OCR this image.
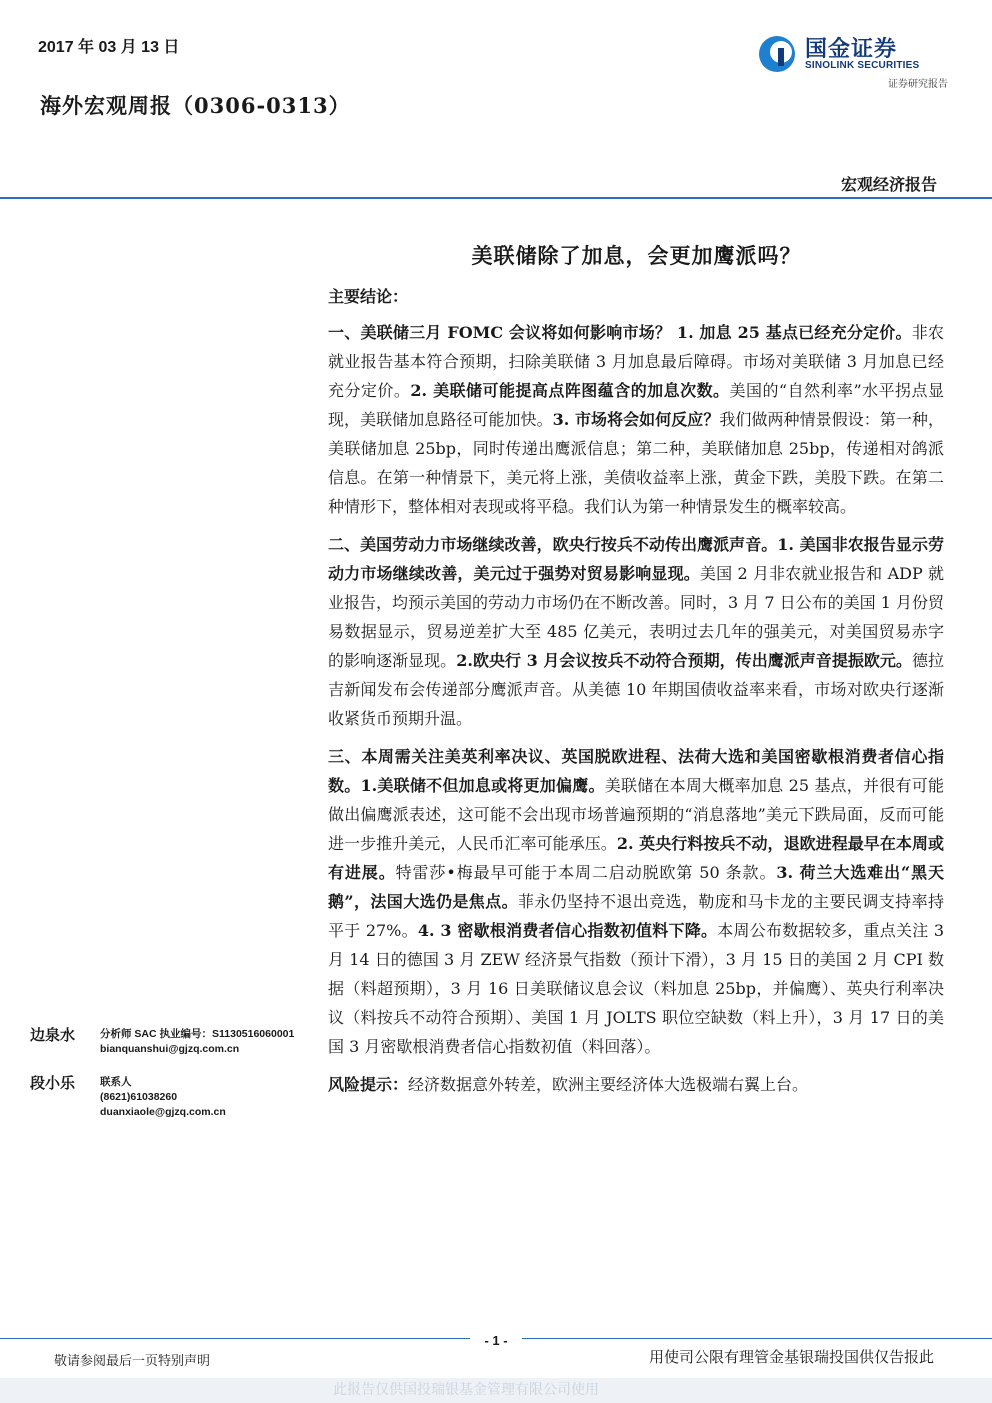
2017 年 03 月 13 日
海外宏观周报（0306-0313）
国金证券
SINOLINK SECURITIES
证券研究报告
宏观经济报告
美联储除了加息，会更加鹰派吗？
主要结论：

一、美联储三月 FOMC 会议将如何影响市场？ 1. 加息 25 基点已经充分定价。非农就业报告基本符合预期，扫除美联储 3 月加息最后障碍。市场对美联储 3 月加息已经充分定价。2. 美联储可能提高点阵图蕴含的加息次数。美国的“自然利率”水平拐点显现，美联储加息路径可能加快。3. 市场将会如何反应？我们做两种情景假设：第一种，美联储加息 25bp，同时传递出鹰派信息；第二种，美联储加息 25bp，传递相对鸽派信息。在第一种情景下，美元将上涨，美债收益率上涨，黄金下跌，美股下跌。在第二种情形下，整体相对表现或将平稳。我们认为第一种情景发生的概率较高。

二、美国劳动力市场继续改善，欧央行按兵不动传出鹰派声音。1. 美国非农报告显示劳动力市场继续改善，美元过于强势对贸易影响显现。美国 2 月非农就业报告和 ADP 就业报告，均预示美国的劳动力市场仍在不断改善。同时，3 月 7 日公布的美国 1 月份贸易数据显示，贸易逆差扩大至 485 亿美元，表明过去几年的强美元，对美国贸易赤字的影响逐渐显现。2.欧央行 3 月会议按兵不动符合预期，传出鹰派声音提振欧元。德拉吉新闻发布会传递部分鹰派声音。从美德 10 年期国债收益率来看，市场对欧央行逐渐收紧货币预期升温。

三、本周需关注美英利率决议、英国脱欧进程、法荷大选和美国密歇根消费者信心指数。1.美联储不但加息或将更加偏鹰。美联储在本周大概率加息 25 基点，并很有可能做出偏鹰派表述，这可能不会出现市场普遍预期的“消息落地”美元下跌局面，反而可能进一步推升美元，人民币汇率可能承压。2. 英央行料按兵不动，退欧进程最早在本周或有进展。特雷莎•梅最早可能于本周二启动脱欧第 50 条款。3. 荷兰大选难出“黑天鹅”，法国大选仍是焦点。菲永仍坚持不退出竞选，勒庞和马卡龙的主要民调支持率持平于 27%。4. 3 密歇根消费者信心指数初值料下降。本周公布数据较多，重点关注 3 月 14 日的德国 3 月 ZEW 经济景气指数（预计下滑），3 月 15 日的美国 2 月 CPI 数据（料超预期），3 月 16 日美联储议息会议（料加息 25bp，并偏鹰）、英央行利率决议（料按兵不动符合预期）、美国 1 月 JOLTS 职位空缺数（料上升），3 月 17 日的美国 3 月密歇根消费者信心指数初值（料回落）。

风险提示：经济数据意外转差，欧洲主要经济体大选极端右翼上台。

边泉水 分析师 SAC 执业编号：S1130516060001
bianquanshui@gjzq.com.cn
段小乐 联系人
(8621)61038260
duanxiaole@gjzq.com.cn
- 1 -
敬请参阅最后一页特别声明	用使司公限有理管金基银瑞投国供仅告报此
此报告仅供国投瑞银基金管理有限公司使用
